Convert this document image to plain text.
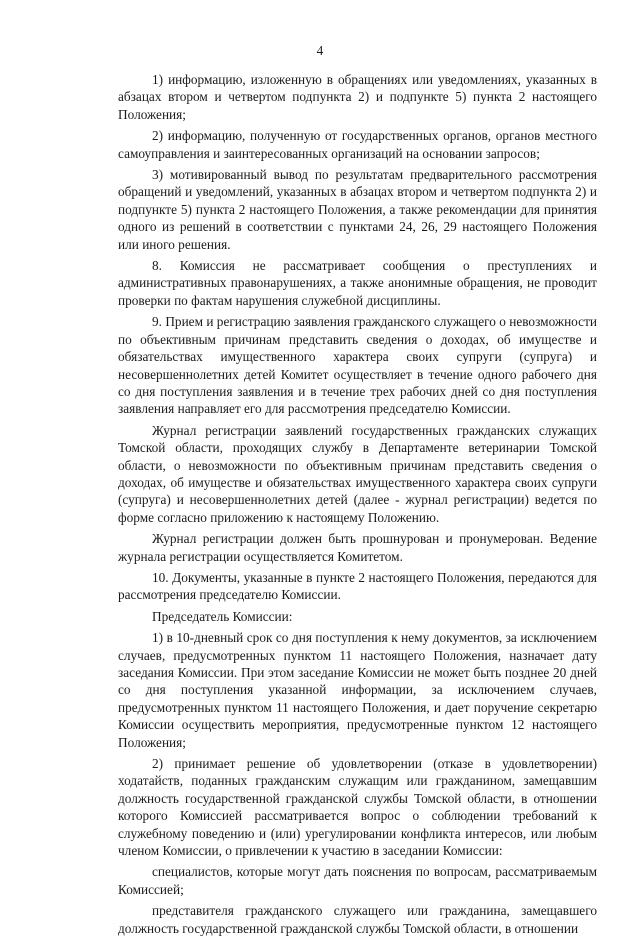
4

1) информацию, изложенную в обращениях или уведомлениях, указанных в абзацах втором и четвертом подпункта 2) и подпункте 5) пункта 2 настоящего Положения;

2) информацию, полученную от государственных органов, органов местного самоуправления и заинтересованных организаций на основании запросов;

3) мотивированный вывод по результатам предварительного рассмотрения обращений и уведомлений, указанных в абзацах втором и четвертом подпункта 2) и подпункте 5) пункта 2 настоящего Положения, а также рекомендации для принятия одного из решений в соответствии с пунктами 24, 26, 29 настоящего Положения или иного решения.

8. Комиссия не рассматривает сообщения о преступлениях и административных правонарушениях, а также анонимные обращения, не проводит проверки по фактам нарушения служебной дисциплины.

9. Прием и регистрацию заявления гражданского служащего о невозможности по объективным причинам представить сведения о доходах, об имуществе и обязательствах имущественного характера своих супруги (супруга) и несовершеннолетних детей Комитет осуществляет в течение одного рабочего дня со дня поступления заявления и в течение трех рабочих дней со дня поступления заявления направляет его для рассмотрения председателю Комиссии.

Журнал регистрации заявлений государственных гражданских служащих Томской области, проходящих службу в Департаменте ветеринарии Томской области, о невозможности по объективным причинам представить сведения о доходах, об имуществе и обязательствах имущественного характера своих супруги (супруга) и несовершеннолетних детей (далее - журнал регистрации) ведется по форме согласно приложению к настоящему Положению.

Журнал регистрации должен быть прошнурован и пронумерован. Ведение журнала регистрации осуществляется Комитетом.

10. Документы, указанные в пункте 2 настоящего Положения, передаются для рассмотрения председателю Комиссии.

Председатель Комиссии:

1) в 10-дневный срок со дня поступления к нему документов, за исключением случаев, предусмотренных пунктом 11 настоящего Положения, назначает дату заседания Комиссии. При этом заседание Комиссии не может быть позднее 20 дней со дня поступления указанной информации, за исключением случаев, предусмотренных пунктом 11 настоящего Положения, и дает поручение секретарю Комиссии осуществить мероприятия, предусмотренные пунктом 12 настоящего Положения;

2) принимает решение об удовлетворении (отказе в удовлетворении) ходатайств, поданных гражданским служащим или гражданином, замещавшим должность государственной гражданской службы Томской области, в отношении которого Комиссией рассматривается вопрос о соблюдении требований к служебному поведению и (или) урегулировании конфликта интересов, или любым членом Комиссии, о привлечении к участию в заседании Комиссии:

специалистов, которые могут дать пояснения по вопросам, рассматриваемым Комиссией;

представителя гражданского служащего или гражданина, замещавшего должность государственной гражданской службы Томской области, в отношении
